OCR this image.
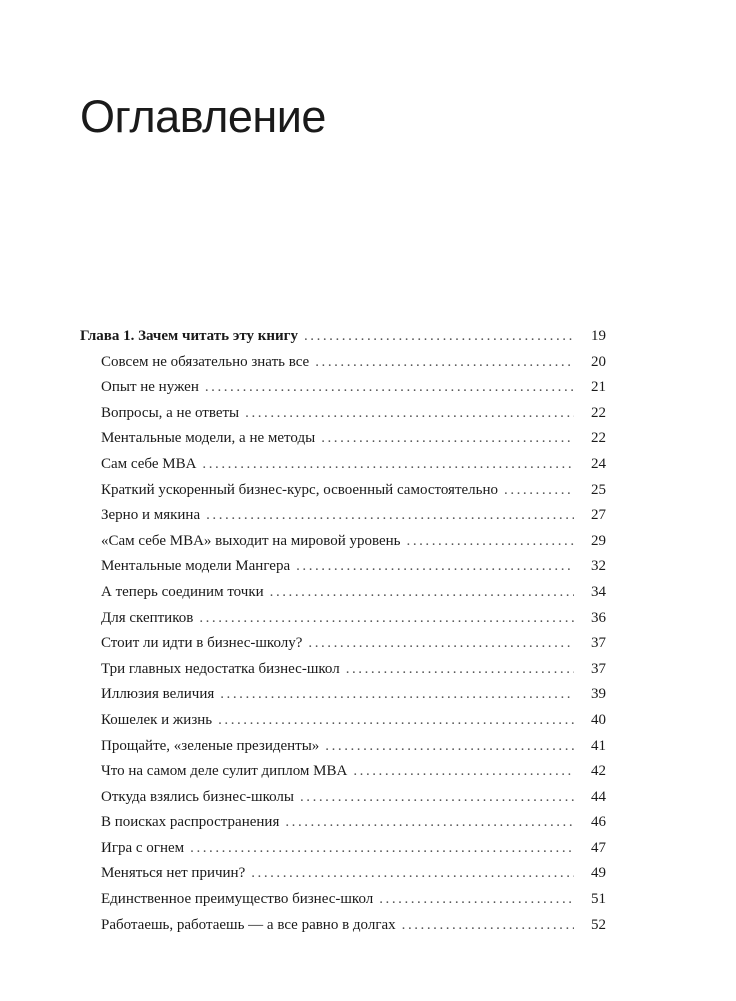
Оглавление
Глава 1. Зачем читать эту книгу . . .	19
Совсем не обязательно знать все . . .	20
Опыт не нужен . . .	21
Вопросы, а не ответы . . .	22
Ментальные модели, а не методы . . .	22
Сам себе MBA . . .	24
Краткий ускоренный бизнес-курс, освоенный самостоятельно . . .	25
Зерно и мякина . . .	27
«Сам себе MBA» выходит на мировой уровень . . .	29
Ментальные модели Мангера . . .	32
А теперь соединим точки . . .	34
Для скептиков . . .	36
Стоит ли идти в бизнес-школу? . . .	37
Три главных недостатка бизнес-школ . . .	37
Иллюзия величия . . .	39
Кошелек и жизнь . . .	40
Прощайте, «зеленые президенты» . . .	41
Что на самом деле сулит диплом MBA . . .	42
Откуда взялись бизнес-школы . . .	44
В поисках распространения . . .	46
Игра с огнем . . .	47
Меняться нет причин? . . .	49
Единственное преимущество бизнес-школ . . .	51
Работаешь, работаешь — а все равно в долгах . . .	52
